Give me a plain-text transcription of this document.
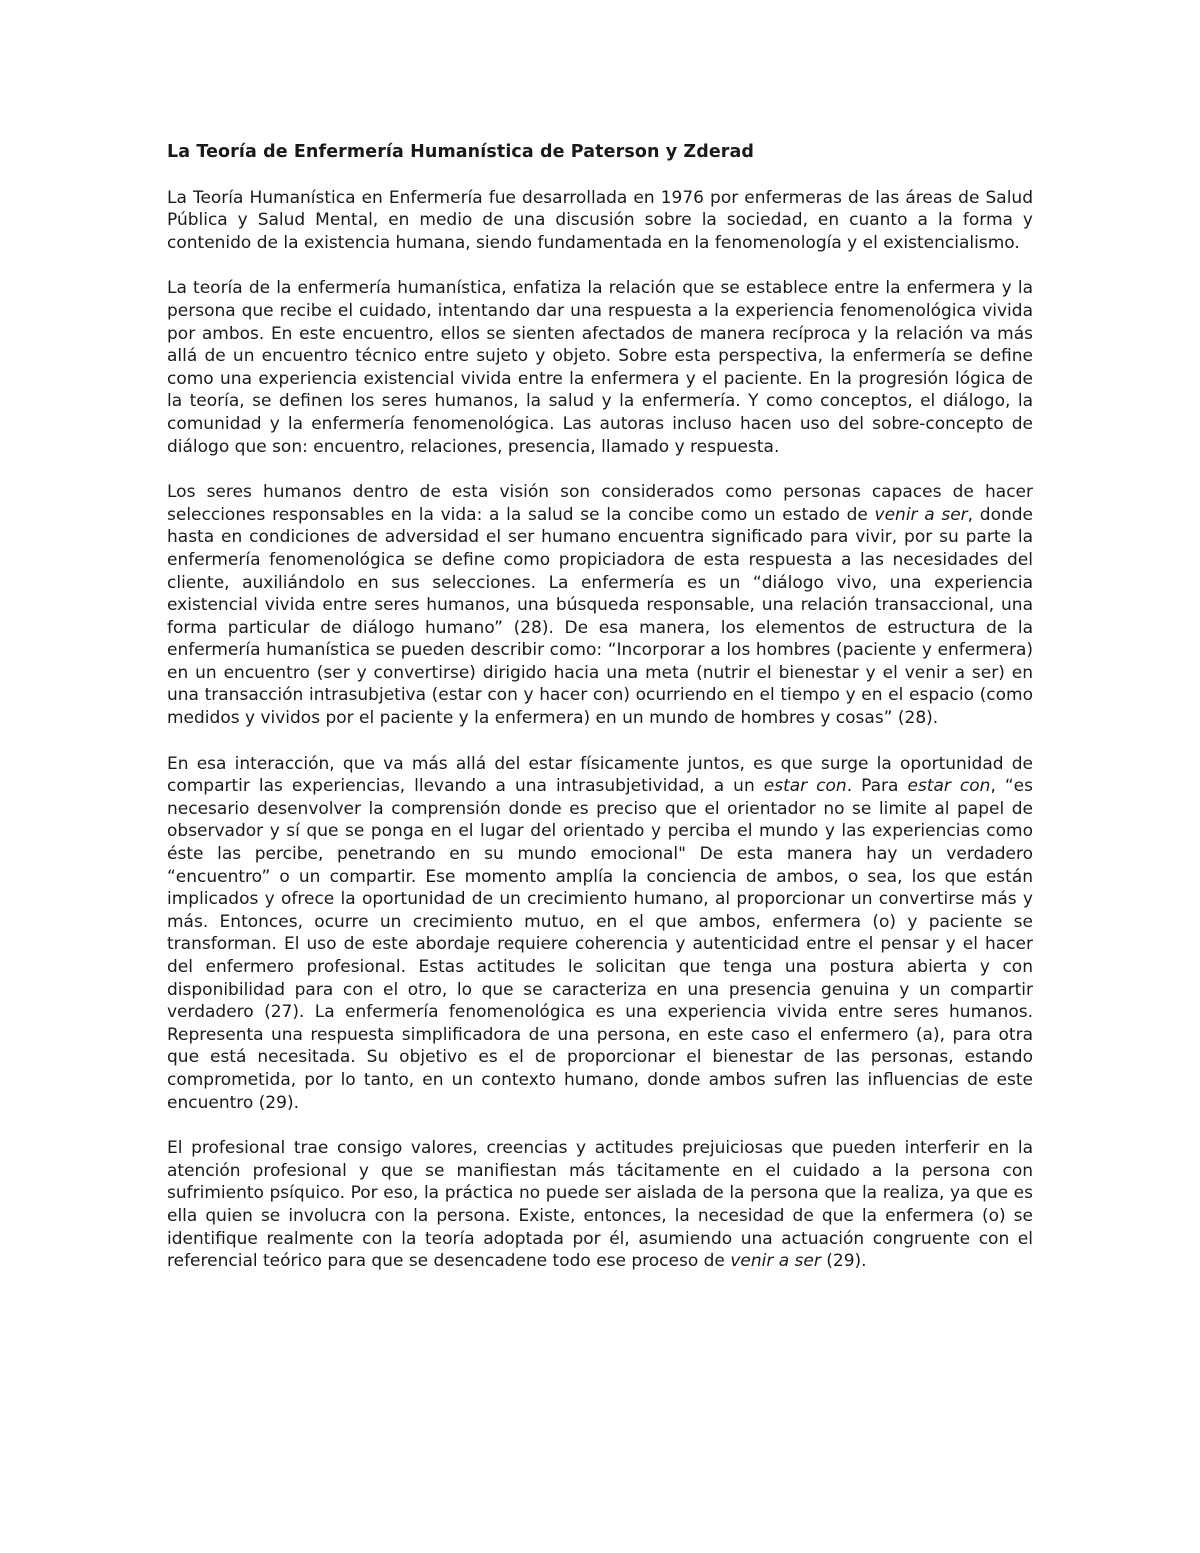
La Teoría de Enfermería Humanística de Paterson y Zderad

La Teoría Humanística en Enfermería fue desarrollada en 1976 por enfermeras de las áreas de Salud Pública y Salud Mental, en medio de una discusión sobre la sociedad, en cuanto a la forma y contenido de la existencia humana, siendo fundamentada en la fenomenología y el existencialismo.

La teoría de la enfermería humanística, enfatiza la relación que se establece entre la enfermera y la persona que recibe el cuidado, intentando dar una respuesta a la experiencia fenomenológica vivida por ambos. En este encuentro, ellos se sienten afectados de manera recíproca y la relación va más allá de un encuentro técnico entre sujeto y objeto. Sobre esta perspectiva, la enfermería se define como una experiencia existencial vivida entre la enfermera y el paciente. En la progresión lógica de la teoría, se definen los seres humanos, la salud y la enfermería. Y como conceptos, el diálogo, la comunidad y la enfermería fenomenológica. Las autoras incluso hacen uso del sobre-concepto de diálogo que son: encuentro, relaciones, presencia, llamado y respuesta.

Los seres humanos dentro de esta visión son considerados como personas capaces de hacer selecciones responsables en la vida: a la salud se la concibe como un estado de venir a ser, donde hasta en condiciones de adversidad el ser humano encuentra significado para vivir, por su parte la enfermería fenomenológica se define como propiciadora de esta respuesta a las necesidades del cliente, auxiliándolo en sus selecciones. La enfermería es un “diálogo vivo, una experiencia existencial vivida entre seres humanos, una búsqueda responsable, una relación transaccional, una forma particular de diálogo humano” (28). De esa manera, los elementos de estructura de la enfermería humanística se pueden describir como: “Incorporar a los hombres (paciente y enfermera) en un encuentro (ser y convertirse) dirigido hacia una meta (nutrir el bienestar y el venir a ser) en una transacción intrasubjetiva (estar con y hacer con) ocurriendo en el tiempo y en el espacio (como medidos y vividos por el paciente y la enfermera) en un mundo de hombres y cosas” (28).

En esa interacción, que va más allá del estar físicamente juntos, es que surge la oportunidad de compartir las experiencias, llevando a una intrasubjetividad, a un estar con. Para estar con, “es necesario desenvolver la comprensión donde es preciso que el orientador no se limite al papel de observador y sí que se ponga en el lugar del orientado y perciba el mundo y las experiencias como éste las percibe, penetrando en su mundo emocional" De esta manera hay un verdadero “encuentro” o un compartir. Ese momento amplía la conciencia de ambos, o sea, los que están implicados y ofrece la oportunidad de un crecimiento humano, al proporcionar un convertirse más y más. Entonces, ocurre un crecimiento mutuo, en el que ambos, enfermera (o) y paciente se transforman. El uso de este abordaje requiere coherencia y autenticidad entre el pensar y el hacer del enfermero profesional. Estas actitudes le solicitan que tenga una postura abierta y con disponibilidad para con el otro, lo que se caracteriza en una presencia genuina y un compartir verdadero (27). La enfermería fenomenológica es una experiencia vivida entre seres humanos. Representa una respuesta simplificadora de una persona, en este caso el enfermero (a), para otra que está necesitada. Su objetivo es el de proporcionar el bienestar de las personas, estando comprometida, por lo tanto, en un contexto humano, donde ambos sufren las influencias de este encuentro (29).

El profesional trae consigo valores, creencias y actitudes prejuiciosas que pueden interferir en la atención profesional y que se manifiestan más tácitamente en el cuidado a la persona con sufrimiento psíquico. Por eso, la práctica no puede ser aislada de la persona que la realiza, ya que es ella quien se involucra con la persona. Existe, entonces, la necesidad de que la enfermera (o) se identifique realmente con la teoría adoptada por él, asumiendo una actuación congruente con el referencial teórico para que se desencadene todo ese proceso de venir a ser (29).
